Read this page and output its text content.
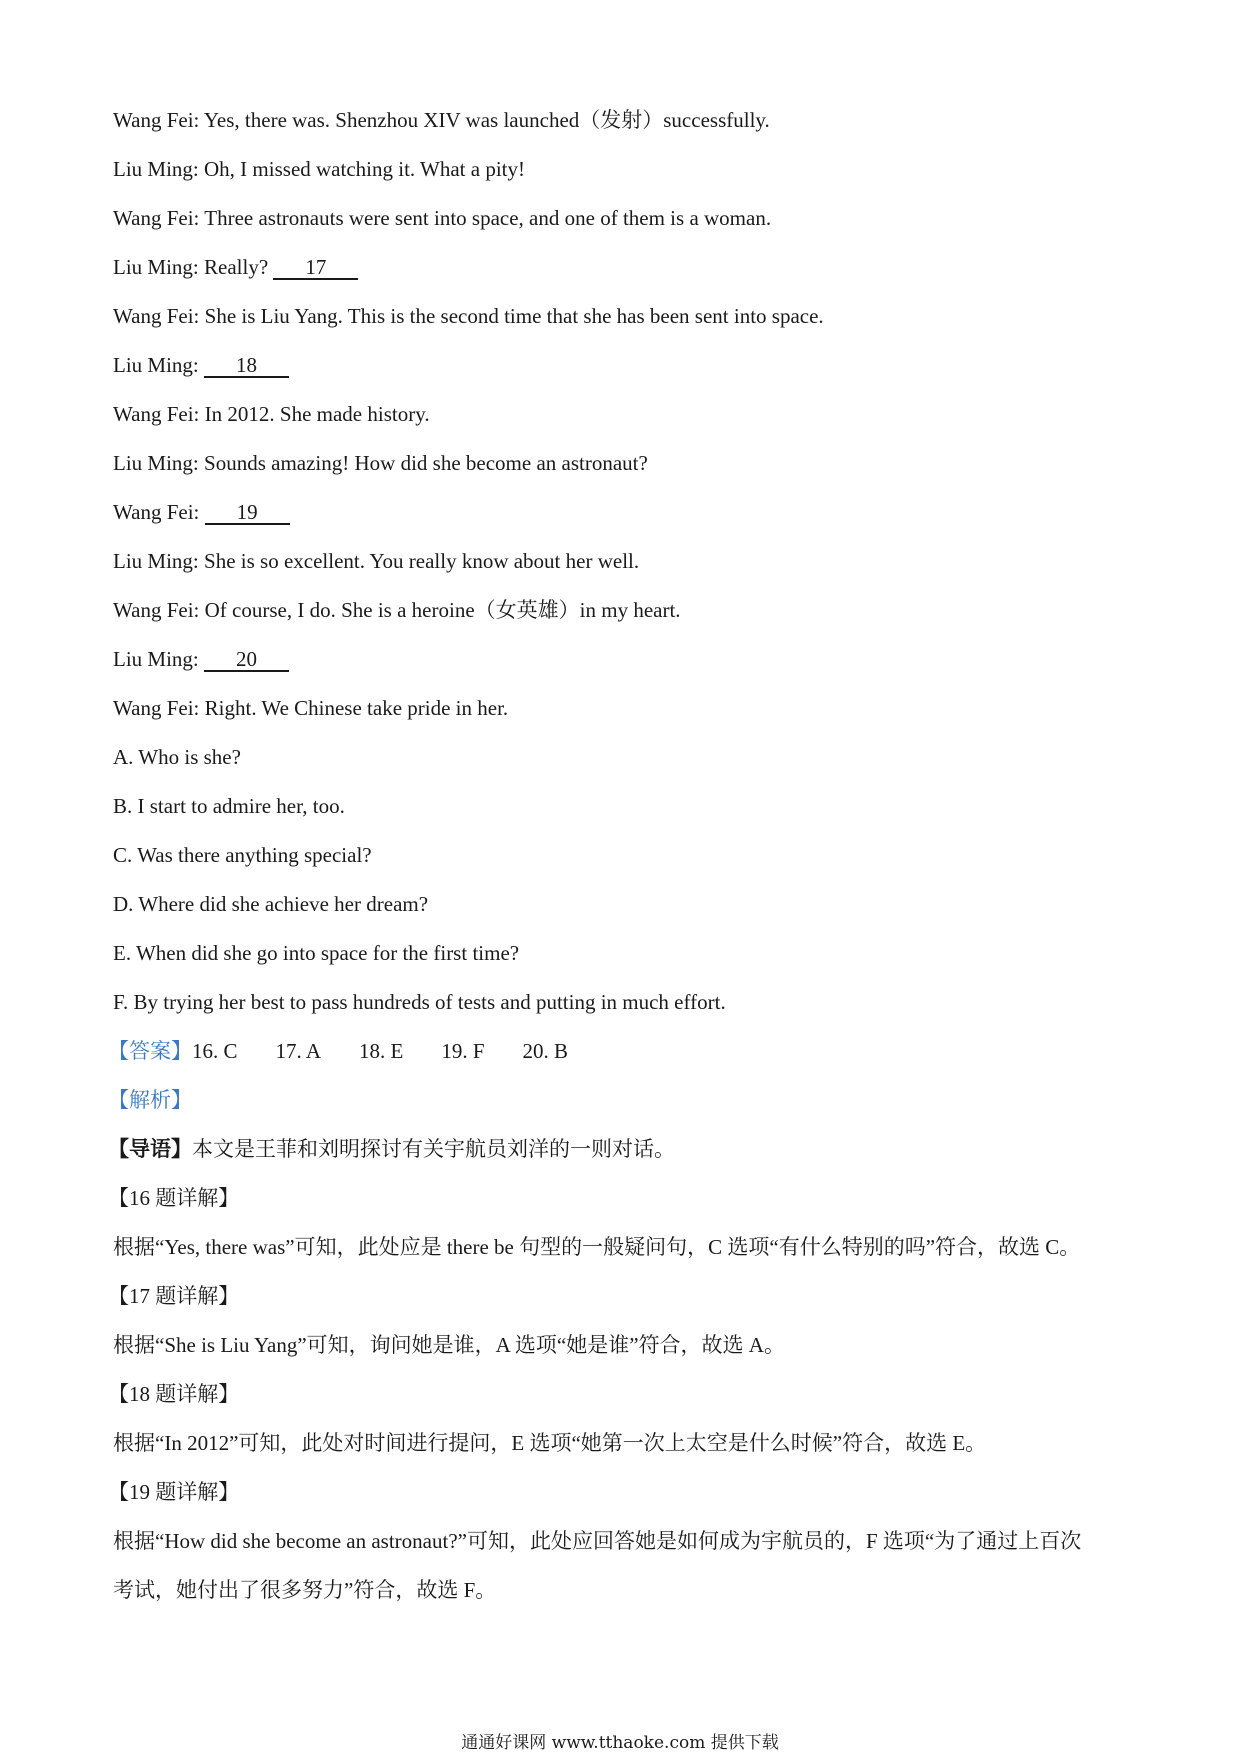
Wang Fei: Yes, there was. Shenzhou XIV was launched（发射）successfully.
Liu Ming: Oh, I missed watching it. What a pity!
Wang Fei: Three astronauts were sent into space, and one of them is a woman.
Liu Ming: Really? 17
Wang Fei: She is Liu Yang. This is the second time that she has been sent into space.
Liu Ming: 18
Wang Fei: In 2012. She made history.
Liu Ming: Sounds amazing! How did she become an astronaut?
Wang Fei: 19
Liu Ming: She is so excellent. You really know about her well.
Wang Fei: Of course, I do. She is a heroine（女英雄）in my heart.
Liu Ming: 20
Wang Fei: Right. We Chinese take pride in her.
A. Who is she?
B. I start to admire her, too.
C. Was there anything special?
D. Where did she achieve her dream?
E. When did she go into space for the first time?
F. By trying her best to pass hundreds of tests and putting in much effort.
【答案】16. C 17. A 18. E 19. F 20. B
【解析】
【导语】本文是王菲和刘明探讨有关宇航员刘洋的一则对话。
【16 题详解】
根据“Yes, there was”可知，此处应是 there be 句型的一般疑问句，C 选项“有什么特别的吗”符合，故选 C。
【17 题详解】
根据“She is Liu Yang”可知，询问她是谁，A 选项“她是谁”符合，故选 A。
【18 题详解】
根据“In 2012”可知，此处对时间进行提问，E 选项“她第一次上太空是什么时候”符合，故选 E。
【19 题详解】
根据“How did she become an astronaut?”可知，此处应回答她是如何成为宇航员的，F 选项“为了通过上百次
考试，她付出了很多努力”符合，故选 F。
通通好课网 www.tthaoke.com 提供下载
